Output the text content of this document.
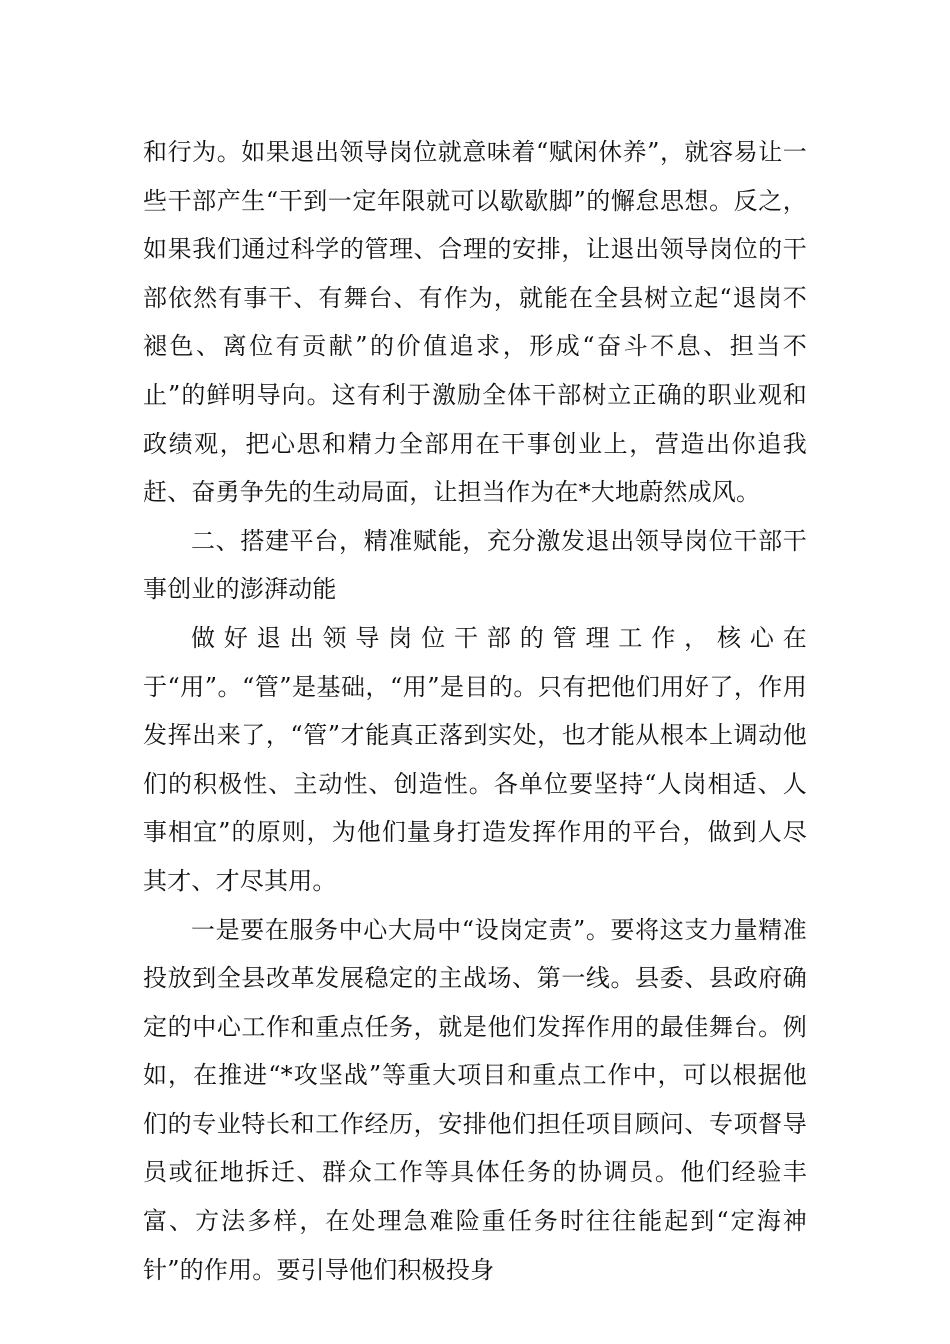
和行为。如果退出领导岗位就意味着“赋闲休养”，就容易让一些干部产生“干到一定年限就可以歇歇脚”的懈怠思想。反之，如果我们通过科学的管理、合理的安排，让退出领导岗位的干部依然有事干、有舞台、有作为，就能在全县树立起“退岗不褪色、离位有贡献”的价值追求，形成“奋斗不息、担当不止”的鲜明导向。这有利于激励全体干部树立正确的职业观和政绩观，把心思和精力全部用在干事创业上，营造出你追我赶、奋勇争先的生动局面，让担当作为在*大地蔚然成风。

二、搭建平台，精准赋能，充分激发退出领导岗位干部干事创业的澎湃动能

做好退出领导岗位干部的管理工作，核心在于“用”。“管”是基础，“用”是目的。只有把他们用好了，作用发挥出来了，“管”才能真正落到实处，也才能从根本上调动他们的积极性、主动性、创造性。各单位要坚持“人岗相适、人事相宜”的原则，为他们量身打造发挥作用的平台，做到人尽其才、才尽其用。

一是要在服务中心大局中“设岗定责”。要将这支力量精准投放到全县改革发展稳定的主战场、第一线。县委、县政府确定的中心工作和重点任务，就是他们发挥作用的最佳舞台。例如，在推进“*攻坚战”等重大项目和重点工作中，可以根据他们的专业特长和工作经历，安排他们担任项目顾问、专项督导员或征地拆迁、群众工作等具体任务的协调员。他们经验丰富、方法多样，在处理急难险重任务时往往能起到“定海神针”的作用。要引导他们积极投身
